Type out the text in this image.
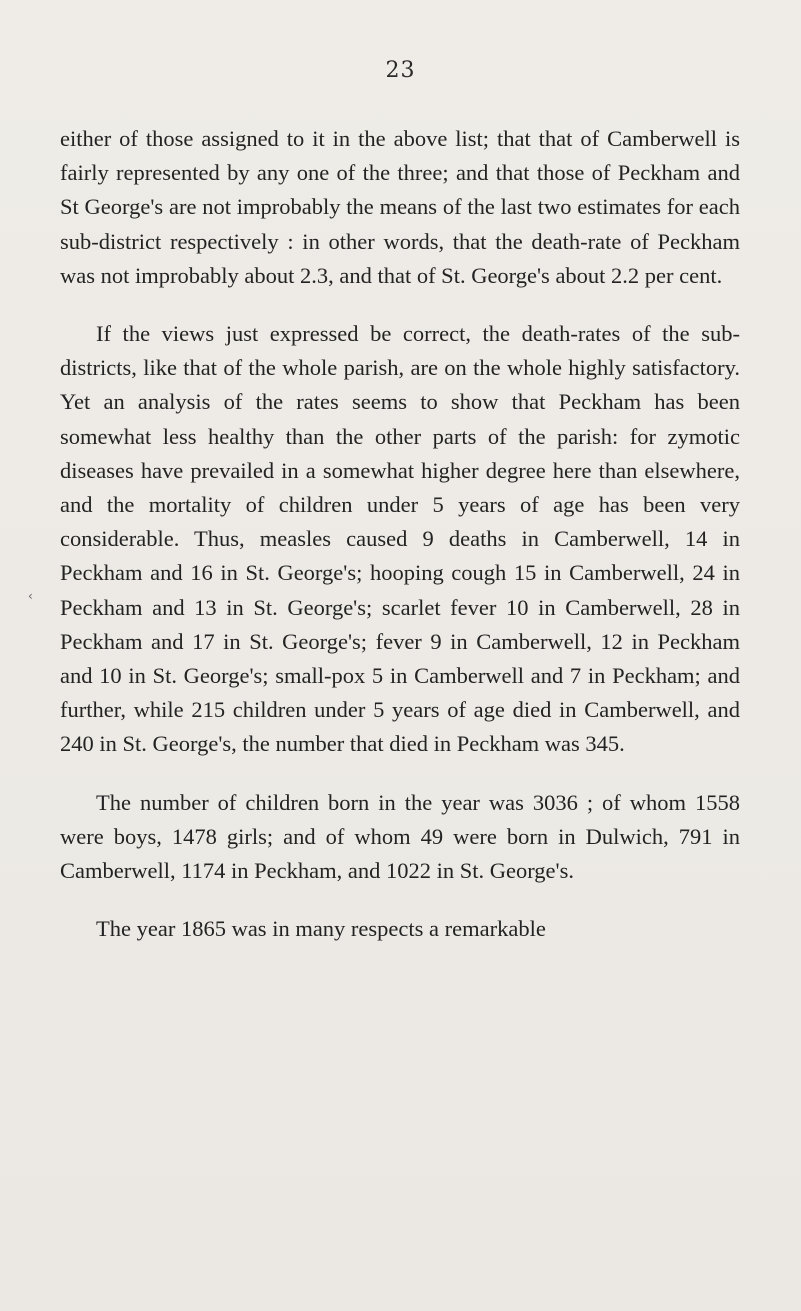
23
‹

either of those assigned to it in the above list; that that of Camberwell is fairly represented by any one of the three; and that those of Peckham and St George's are not improbably the means of the last two estimates for each sub-district respectively : in other words, that the death-rate of Peckham was not improbably about 2.3, and that of St. George's about 2.2 per cent.

If the views just expressed be correct, the death-rates of the sub-districts, like that of the whole parish, are on the whole highly satisfactory. Yet an analysis of the rates seems to show that Peckham has been somewhat less healthy than the other parts of the parish: for zymotic diseases have prevailed in a somewhat higher degree here than elsewhere, and the mortality of children under 5 years of age has been very considerable. Thus, measles caused 9 deaths in Camberwell, 14 in Peckham and 16 in St. George's; hooping cough 15 in Camberwell, 24 in Peckham and 13 in St. George's; scarlet fever 10 in Camberwell, 28 in Peckham and 17 in St. George's; fever 9 in Camberwell, 12 in Peckham and 10 in St. George's; small-pox 5 in Camberwell and 7 in Peckham; and further, while 215 children under 5 years of age died in Camberwell, and 240 in St. George's, the number that died in Peckham was 345.

The number of children born in the year was 3036 ; of whom 1558 were boys, 1478 girls; and of whom 49 were born in Dulwich, 791 in Camberwell, 1174 in Peckham, and 1022 in St. George's.

The year 1865 was in many respects a remarkable
